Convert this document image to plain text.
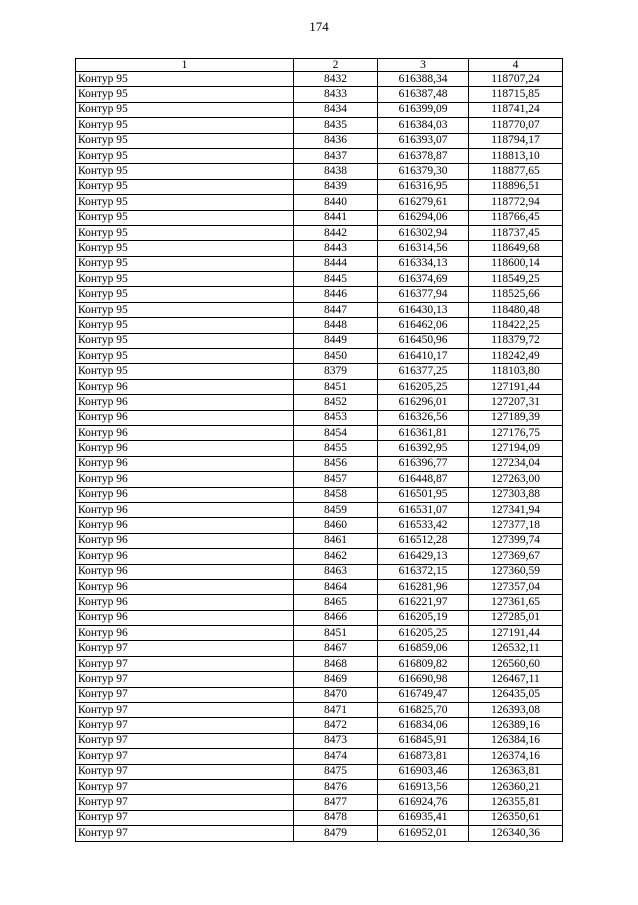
174
1	2	3	4
Контур 95	8432	616388,34	118707,24
Контур 95	8433	616387,48	118715,85
Контур 95	8434	616399,09	118741,24
Контур 95	8435	616384,03	118770,07
Контур 95	8436	616393,07	118794,17
Контур 95	8437	616378,87	118813,10
Контур 95	8438	616379,30	118877,65
Контур 95	8439	616316,95	118896,51
Контур 95	8440	616279,61	118772,94
Контур 95	8441	616294,06	118766,45
Контур 95	8442	616302,94	118737,45
Контур 95	8443	616314,56	118649,68
Контур 95	8444	616334,13	118600,14
Контур 95	8445	616374,69	118549,25
Контур 95	8446	616377,94	118525,66
Контур 95	8447	616430,13	118480,48
Контур 95	8448	616462,06	118422,25
Контур 95	8449	616450,96	118379,72
Контур 95	8450	616410,17	118242,49
Контур 95	8379	616377,25	118103,80
Контур 96	8451	616205,25	127191,44
Контур 96	8452	616296,01	127207,31
Контур 96	8453	616326,56	127189,39
Контур 96	8454	616361,81	127176,75
Контур 96	8455	616392,95	127194,09
Контур 96	8456	616396,77	127234,04
Контур 96	8457	616448,87	127263,00
Контур 96	8458	616501,95	127303,88
Контур 96	8459	616531,07	127341,94
Контур 96	8460	616533,42	127377,18
Контур 96	8461	616512,28	127399,74
Контур 96	8462	616429,13	127369,67
Контур 96	8463	616372,15	127360,59
Контур 96	8464	616281,96	127357,04
Контур 96	8465	616221,97	127361,65
Контур 96	8466	616205,19	127285,01
Контур 96	8451	616205,25	127191,44
Контур 97	8467	616859,06	126532,11
Контур 97	8468	616809,82	126560,60
Контур 97	8469	616690,98	126467,11
Контур 97	8470	616749,47	126435,05
Контур 97	8471	616825,70	126393,08
Контур 97	8472	616834,06	126389,16
Контур 97	8473	616845,91	126384,16
Контур 97	8474	616873,81	126374,16
Контур 97	8475	616903,46	126363,81
Контур 97	8476	616913,56	126360,21
Контур 97	8477	616924,76	126355,81
Контур 97	8478	616935,41	126350,61
Контур 97	8479	616952,01	126340,36
